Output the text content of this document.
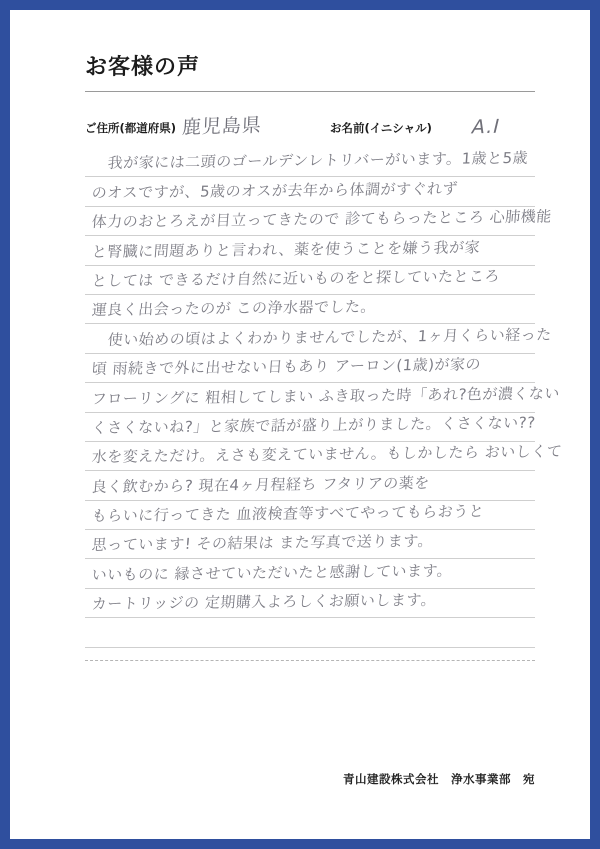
お客様の声
ご住所(都道府県) 鹿児島県	お名前(イニシャル)	A.I
我が家には二頭のゴールデンレトリバーがいます。1歳と5歳
のオスですが、5歳のオスが去年から体調がすぐれず
体力のおとろえが目立ってきたので 診てもらったところ 心肺機能
と腎臓に問題ありと言われ、薬を使うことを嫌う我が家
としては できるだけ自然に近いものをと探していたところ
運良く出会ったのが この浄水器でした。
使い始めの頃はよくわかりませんでしたが、1ヶ月くらい経った
頃 雨続きで外に出せない日もあり アーロン(1歳)が家の
フローリングに 粗相してしまい ふき取った時「あれ?色が濃くない
くさくないね?」と家族で話が盛り上がりました。くさくない??
水を変えただけ。えさも変えていません。もしかしたら おいしくて
良く飲むから? 現在4ヶ月程経ち フタリアの薬を
もらいに行ってきた 血液検査等すべてやってもらおうと
思っています! その結果は また写真で送ります。
いいものに 縁させていただいたと感謝しています。
カートリッジの 定期購入よろしくお願いします。
青山建設株式会社　浄水事業部　宛
